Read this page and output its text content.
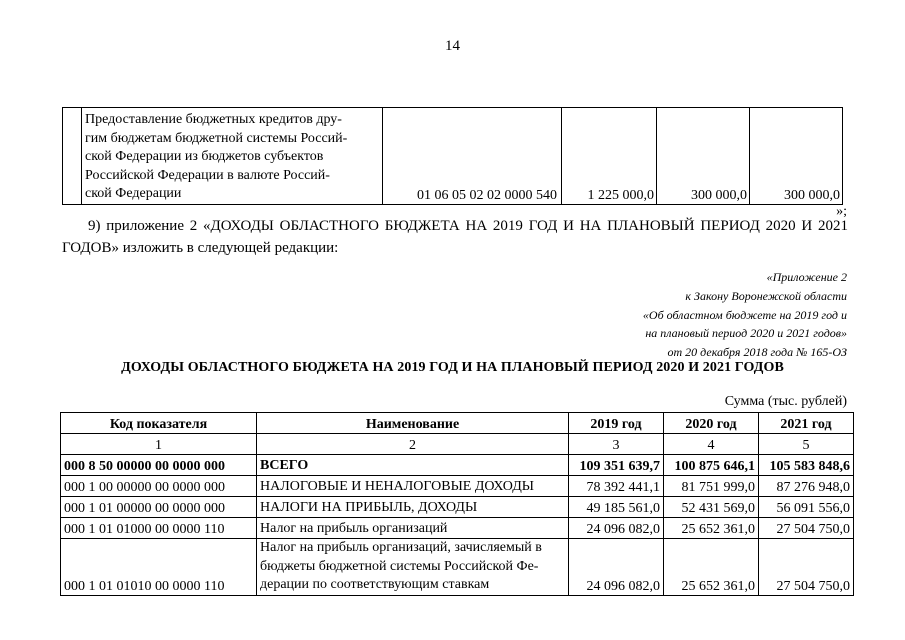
14

Предоставление бюджетных кредитов дру-
гим бюджетам бюджетной системы Россий-
ской Федерации из бюджетов субъектов
Российской Федерации в валюте Россий-
ской Федерации	01 06 05 02 02 0000 540	1 225 000,0	300 000,0	300 000,0
»;
9) приложение 2 «ДОХОДЫ ОБЛАСТНОГО БЮДЖЕТА НА 2019 ГОД И НА ПЛАНОВЫЙ ПЕРИОД 2020 И 2021 ГОДОВ» изложить в следующей редакции:
«Приложение 2
к Закону Воронежской области
«Об областном бюджете на 2019 год и
на плановый период 2020 и 2021 годов»
от 20 декабря 2018 года № 165-ОЗ
ДОХОДЫ ОБЛАСТНОГО БЮДЖЕТА НА 2019 ГОД И НА ПЛАНОВЫЙ ПЕРИОД 2020 И 2021 ГОДОВ
Сумма (тыс. рублей)
Код показателя	Наименование	2019 год	2020 год	2021 год
1	2	3	4	5
000 8 50 00000 00 0000 000	ВСЕГО	109 351 639,7	100 875 646,1	105 583 848,6
000 1 00 00000 00 0000 000	НАЛОГОВЫЕ И НЕНАЛОГОВЫЕ ДОХОДЫ	78 392 441,1	81 751 999,0	87 276 948,0
000 1 01 00000 00 0000 000	НАЛОГИ НА ПРИБЫЛЬ, ДОХОДЫ	49 185 561,0	52 431 569,0	56 091 556,0
000 1 01 01000 00 0000 110	Налог на прибыль организаций	24 096 082,0	25 652 361,0	27 504 750,0
000 1 01 01010 00 0000 110	Налог на прибыль организаций, зачисляемый в
бюджеты бюджетной системы Российской Фе-
дерации по соответствующим ставкам	24 096 082,0	25 652 361,0	27 504 750,0
